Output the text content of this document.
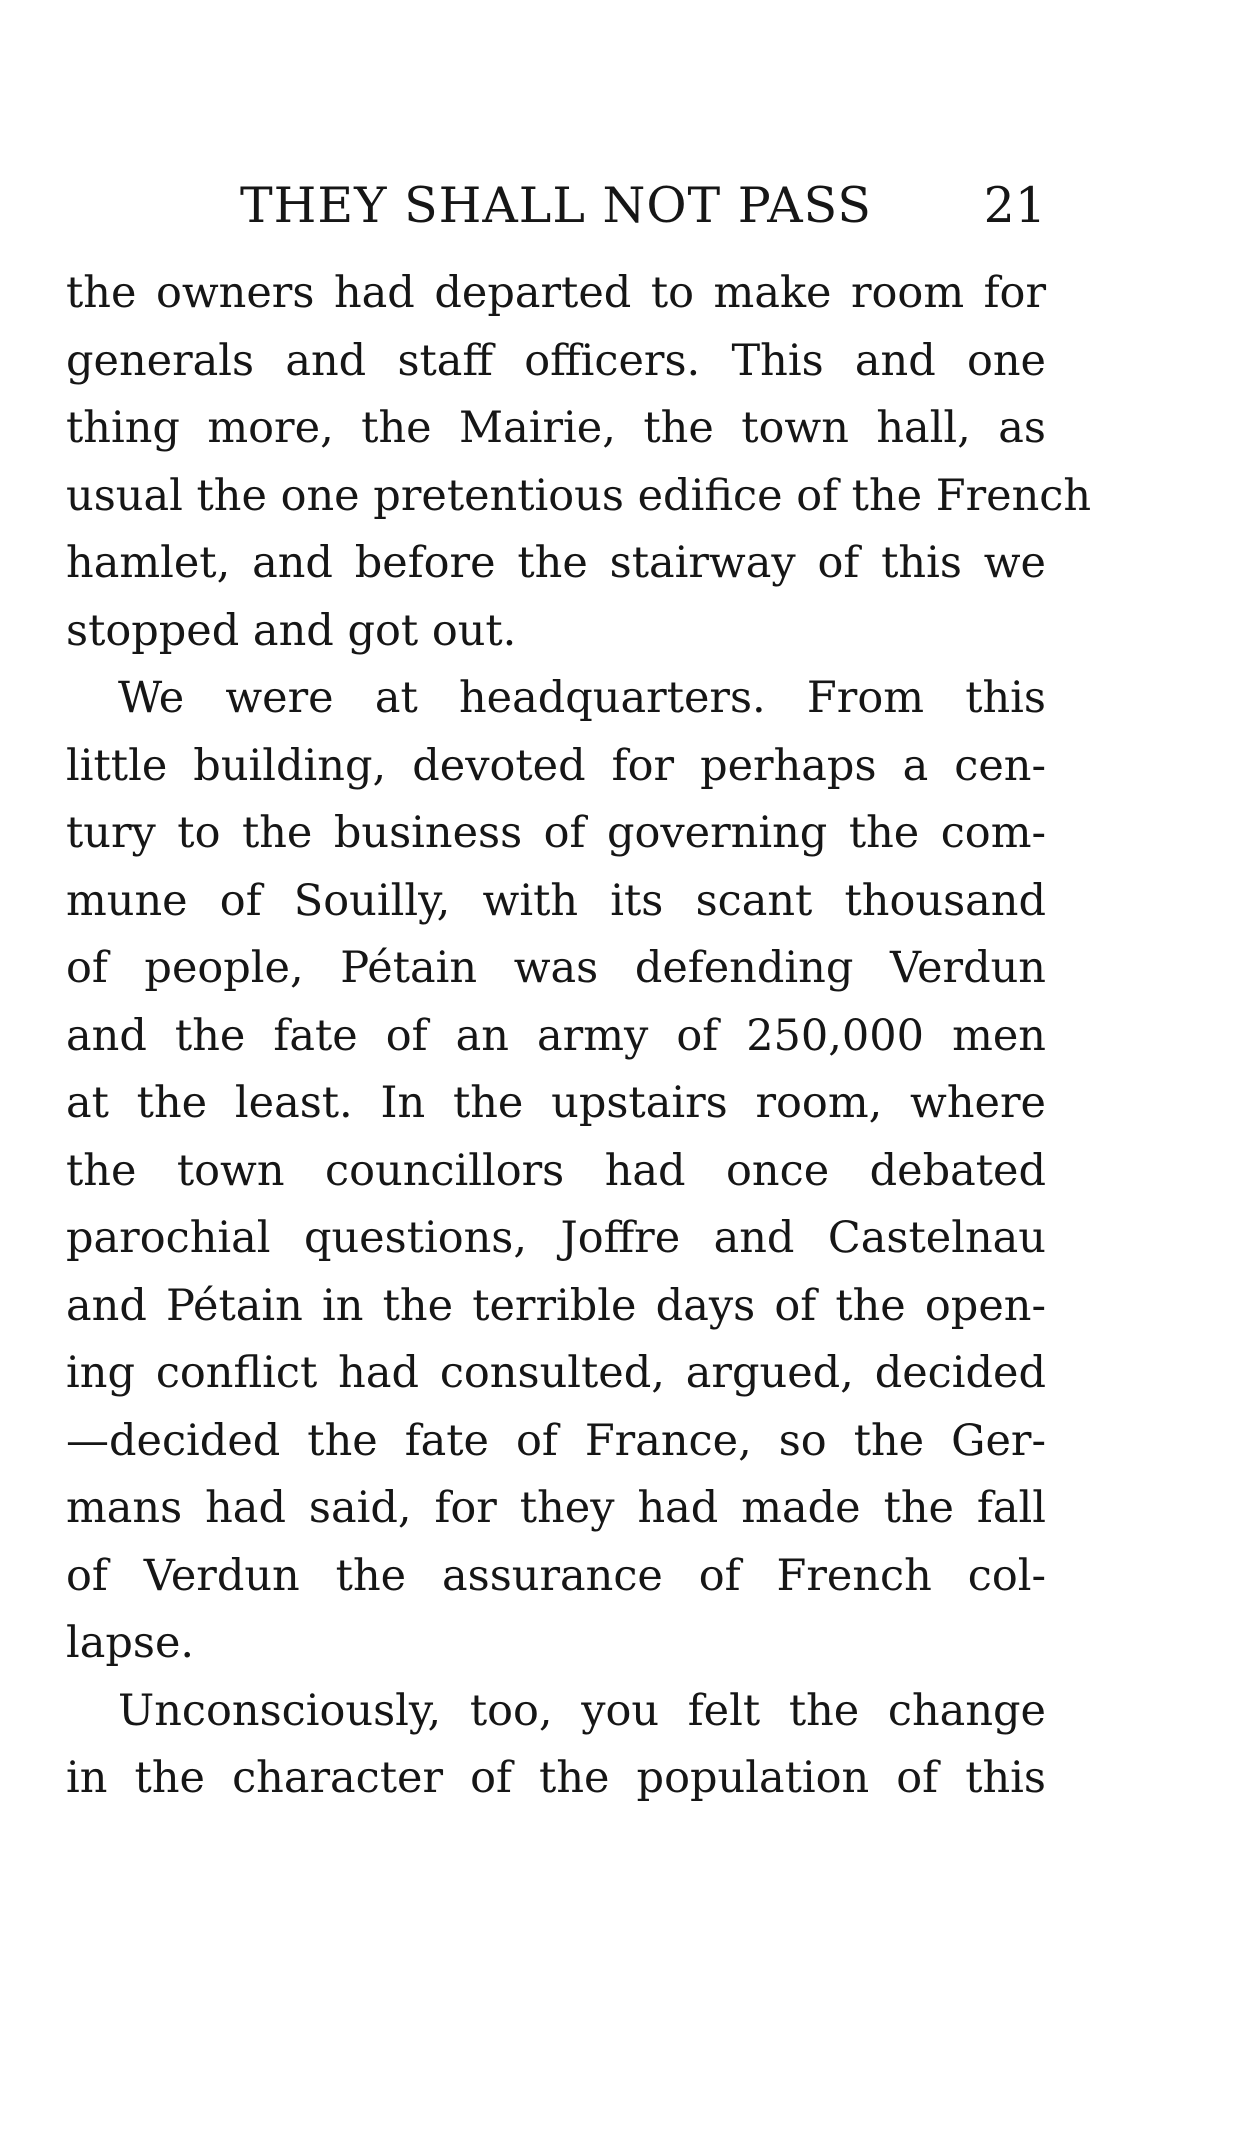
THEY SHALL NOT PASS 21
the owners had departed to make room for
generals and staff officers. This and one
thing more, the Mairie, the town hall, as
usual the one pretentious edifice of the French
hamlet, and before the stairway of this we
stopped and got out.
We were at headquarters. From this
little building, devoted for perhaps a cen-
tury to the business of governing the com-
mune of Souilly, with its scant thousand
of people, Pétain was defending Verdun
and the fate of an army of 250,000 men
at the least. In the upstairs room, where
the town councillors had once debated
parochial questions, Joffre and Castelnau
and Pétain in the terrible days of the open-
ing conflict had consulted, argued, decided
—decided the fate of France, so the Ger-
mans had said, for they had made the fall
of Verdun the assurance of French col-
lapse.
Unconsciously, too, you felt the change
in the character of the population of this
